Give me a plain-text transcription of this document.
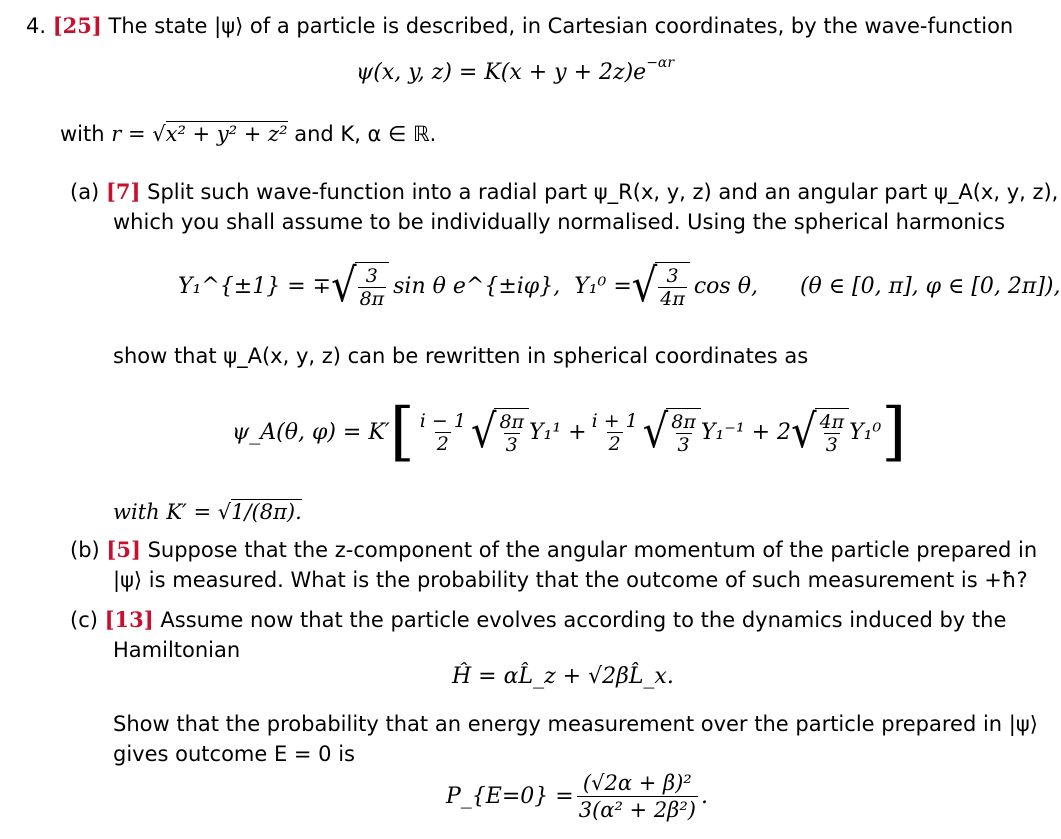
4. [25] The state |ψ⟩ of a particle is described, in Cartesian coordinates, by the wave-function
ψ(x, y, $z) = K(x + y + 2z)e^{-\alpha r}$
with r = √x² + y² + z² and K, α ∈ ℝ.
(a) [7] Split such wave-function into a radial part ψ_R(x, y, z) and an angular part ψ_A(x, y, z),
which you shall assume to be individually normalised. Using the spherical harmonics
Y₁^{±1} = ∓ √ $\frac{3}{8\pi}$ sin θ e^{±iφ}, Y₁⁰ = √ $\frac{3}{4\pi}$ cos θ, (θ ∈ [0, π], φ ∈ [0, 2π]),
show that ψ_A(x, y, z) can be rewritten in spherical coordinates as
ψ_A(θ, φ) = K′ [ $\frac{i - 1}{2}$ √ $\frac{8\pi}{3} Y_1^1 + \frac{i + 1}{2}$ √ $\frac{8\pi}{3} Y_1^{-1} + 2$ √ $\frac{4\pi}{3} Y_1^0$ ]
with K′ = √1/(8π).
(b) [5] Suppose that the z-component of the angular momentum of the particle prepared in
|ψ⟩ is measured. What is the probability that the outcome of such measurement is +ħ?
(c) [13] Assume now that the particle evolves according to the dynamics induced by the
Hamiltonian
Ĥ = αL̂_z + √2βL̂_x.
Show that the probability that an energy measurement over the particle prepared in |ψ⟩
gives outcome E = 0 is
P_{E=0} = $\frac{\text{(√2α + β)²}}{\text{3(α² + 2β²)}}$ .
